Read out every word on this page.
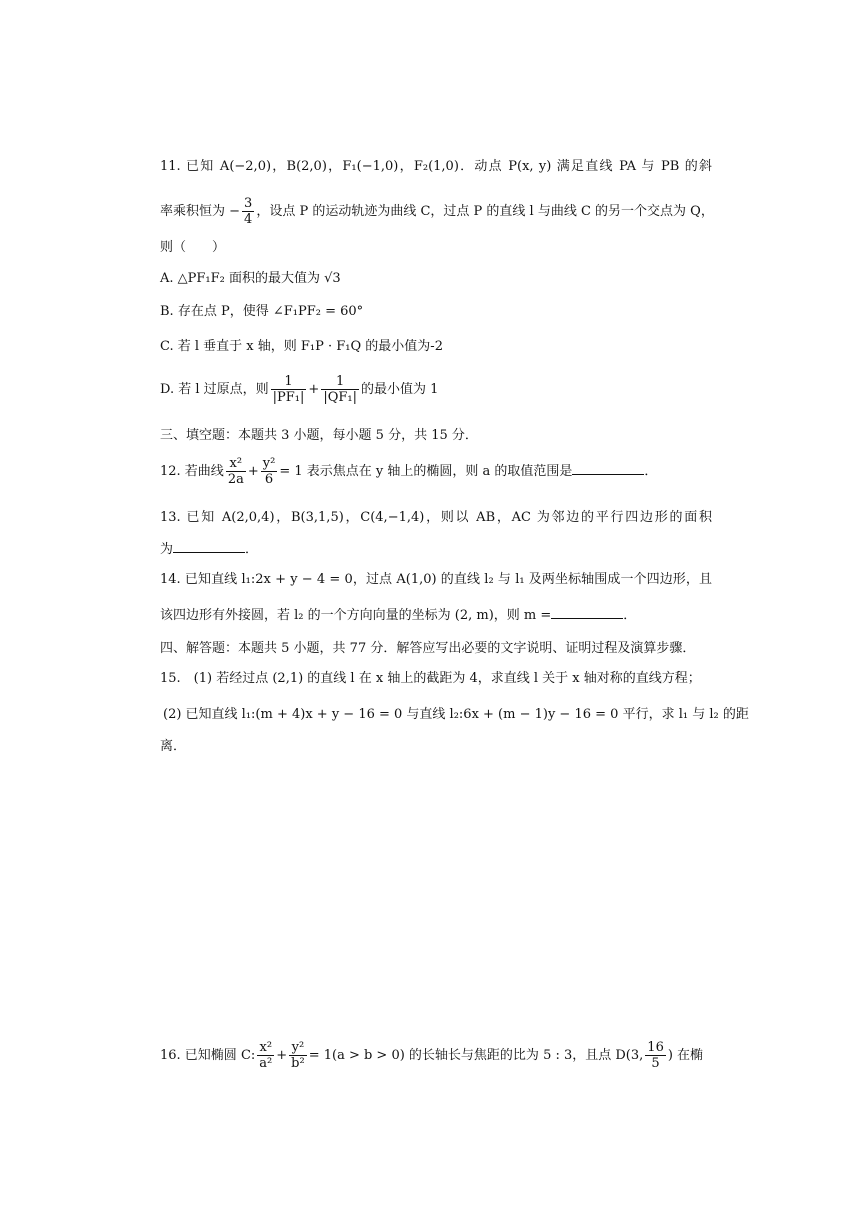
11. 已知 A(−2,0)，B(2,0)，F₁(−1,0)，F₂(1,0)．动点 P(x, y) 满足直线 PA 与 PB 的斜
率乘积恒为 − $\frac{3}{4}$ ，设点 P 的运动轨迹为曲线 C，过点 P 的直线 l 与曲线 C 的另一个交点为 Q，
则（　　）
A. △PF₁F₂ 面积的最大值为 √3
B. 存在点 P，使得 ∠F₁PF₂ = 60°
C. 若 l 垂直于 x 轴，则 F₁P · F₁Q 的最小值为-2
D. 若 l 过原点，则 $\frac{1}{\text{|PF₁|}} + \frac{1}{\text{|QF₁|}}$ 的最小值为 1
三、填空题：本题共 3 小题，每小题 5 分，共 15 分．
12. 若曲线 $\frac{\text{x²}}{2a} + \frac{\text{y²}}{6} = 1$ 表示焦点在 y 轴上的椭圆，则 a 的取值范围是	．
13. 已知 A(2,0,4)，B(3,1,5)，C(4,−1,4)，则以 AB，AC 为邻边的平行四边形的面积
为	．
14. 已知直线 l₁:2x + y − 4 = 0，过点 A(1,0) 的直线 l₂ 与 l₁ 及两坐标轴围成一个四边形，且
该四边形有外接圆，若 l₂ 的一个方向向量的坐标为 (2, m)，则 m =	．
四、解答题：本题共 5 小题，共 77 分．解答应写出必要的文字说明、证明过程及演算步骤．
15.　(1) 若经过点 (2,1) 的直线 l 在 x 轴上的截距为 4，求直线 l 关于 x 轴对称的直线方程；
(2) 已知直线 l₁:(m + 4)x + y − 16 = 0 与直线 l₂:6x + (m − 1)y − 16 = 0 平行，求 l₁ 与 l₂ 的距
离．
16. 已知椭圆 C: $\frac{\text{x²}}{\text{a²}} + \frac{\text{y²}}{\text{b²}} = 1(a > b > 0)$ 的长轴长与焦距的比为 5 : 3，且点 D(3, $\frac{16}{5}$ ) 在椭
